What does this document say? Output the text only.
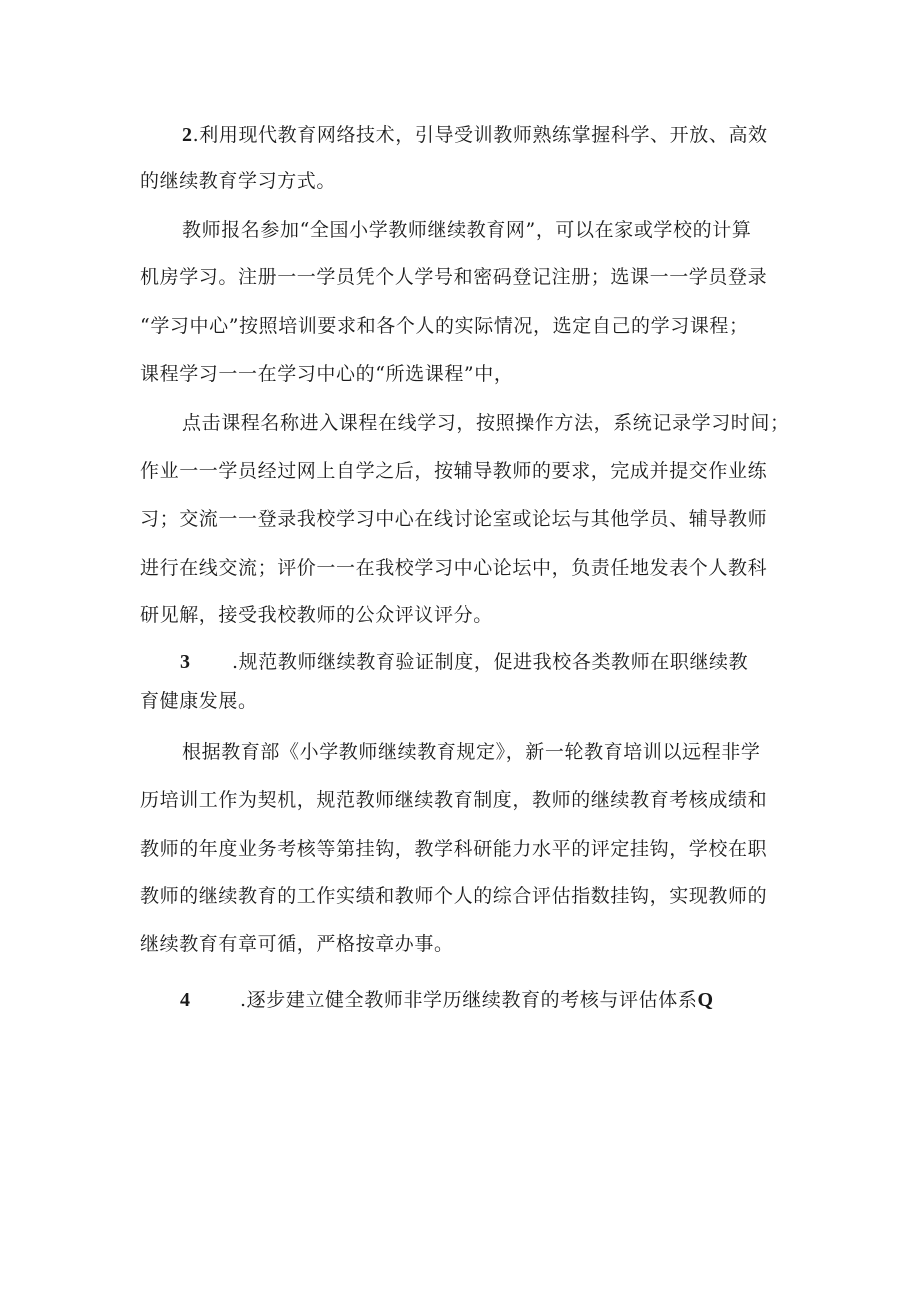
2.利用现代教育网络技术，引导受训教师熟练掌握科学、开放、高效
的继续教育学习方式。
教师报名参加“全国小学教师继续教育网”，可以在家或学校的计算
机房学习。注册一一学员凭个人学号和密码登记注册；选课一一学员登录
“学习中心”按照培训要求和各个人的实际情况，选定自己的学习课程；
课程学习一一在学习中心的“所选课程”中，
点击课程名称进入课程在线学习，按照操作方法，系统记录学习时间；
作业一一学员经过网上自学之后，按辅导教师的要求，完成并提交作业练
习；交流一一登录我校学习中心在线讨论室或论坛与其他学员、辅导教师
进行在线交流；评价一一在我校学习中心论坛中，负责任地发表个人教科
研见解，接受我校教师的公众评议评分。
3 .规范教师继续教育验证制度，促进我校各类教师在职继续教
育健康发展。
根据教育部《小学教师继续教育规定》，新一轮教育培训以远程非学
历培训工作为契机，规范教师继续教育制度，教师的继续教育考核成绩和
教师的年度业务考核等第挂钩，教学科研能力水平的评定挂钩，学校在职
教师的继续教育的工作实绩和教师个人的综合评估指数挂钩，实现教师的
继续教育有章可循，严格按章办事。
4	.逐步建立健全教师非学历继续教育的考核与评估体系Q
